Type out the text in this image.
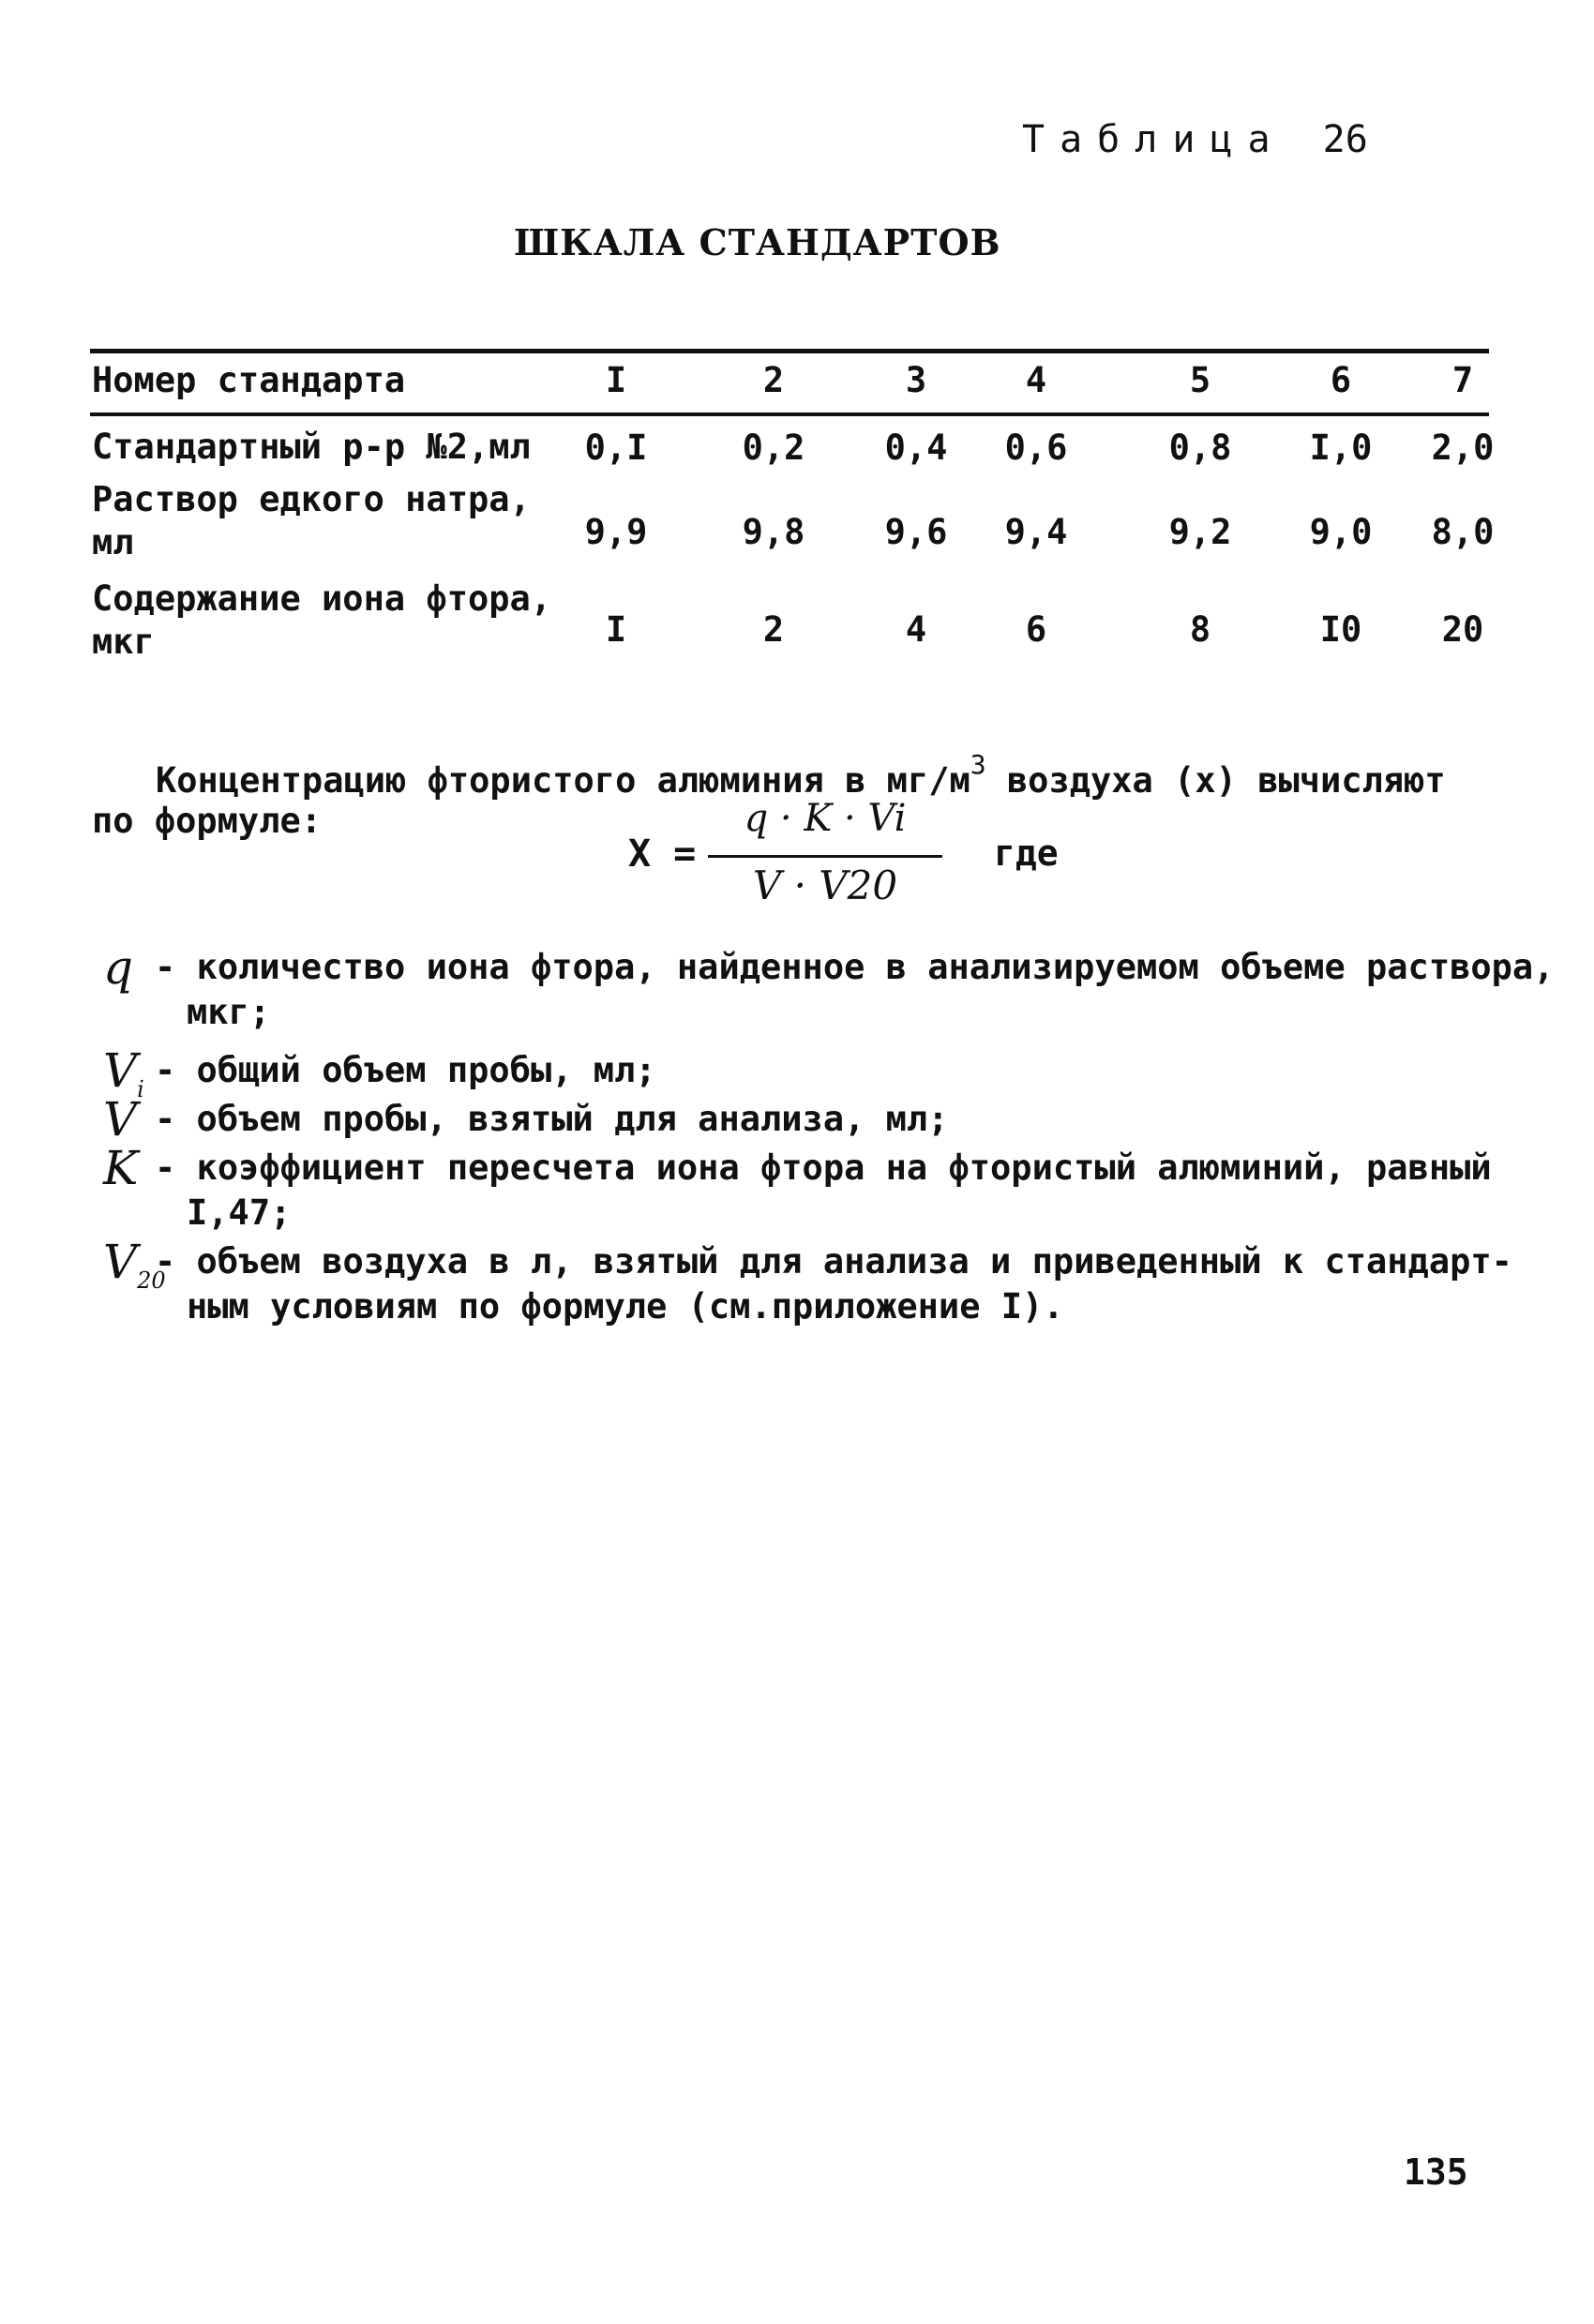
Таблица 26
ШКАЛА СТАНДАРТОВ
Номер стандарта	I	2	3	4	5	6	7
Стандартный р-р №2,мл	0,I	0,2	0,4	0,6	0,8	I,0	2,0
Раствор едкого натра, мл	9,9	9,8	9,6	9,4	9,2	9,0	8,0
Содержание иона фтора, мкг	I	2	4	6	8	I0	20
Концентрацию фтористого алюминия в $мг/м^3$ воздуха (х) вычисляют
по формуле:
X =
q · K · Vi
V · V20
где
q - количество иона фтора, найденное в анализируемом объеме раствора,
мкг;
$V_i$ - общий объем пробы, мл;
V - объем пробы, взятый для анализа, мл;
K - коэффициент пересчета иона фтора на фтористый алюминий, равный
I,47;
$V_{20}$
- объем воздуха в л, взятый для анализа и приведенный к стандарт-
ным условиям по формуле (см.приложение I).
135
